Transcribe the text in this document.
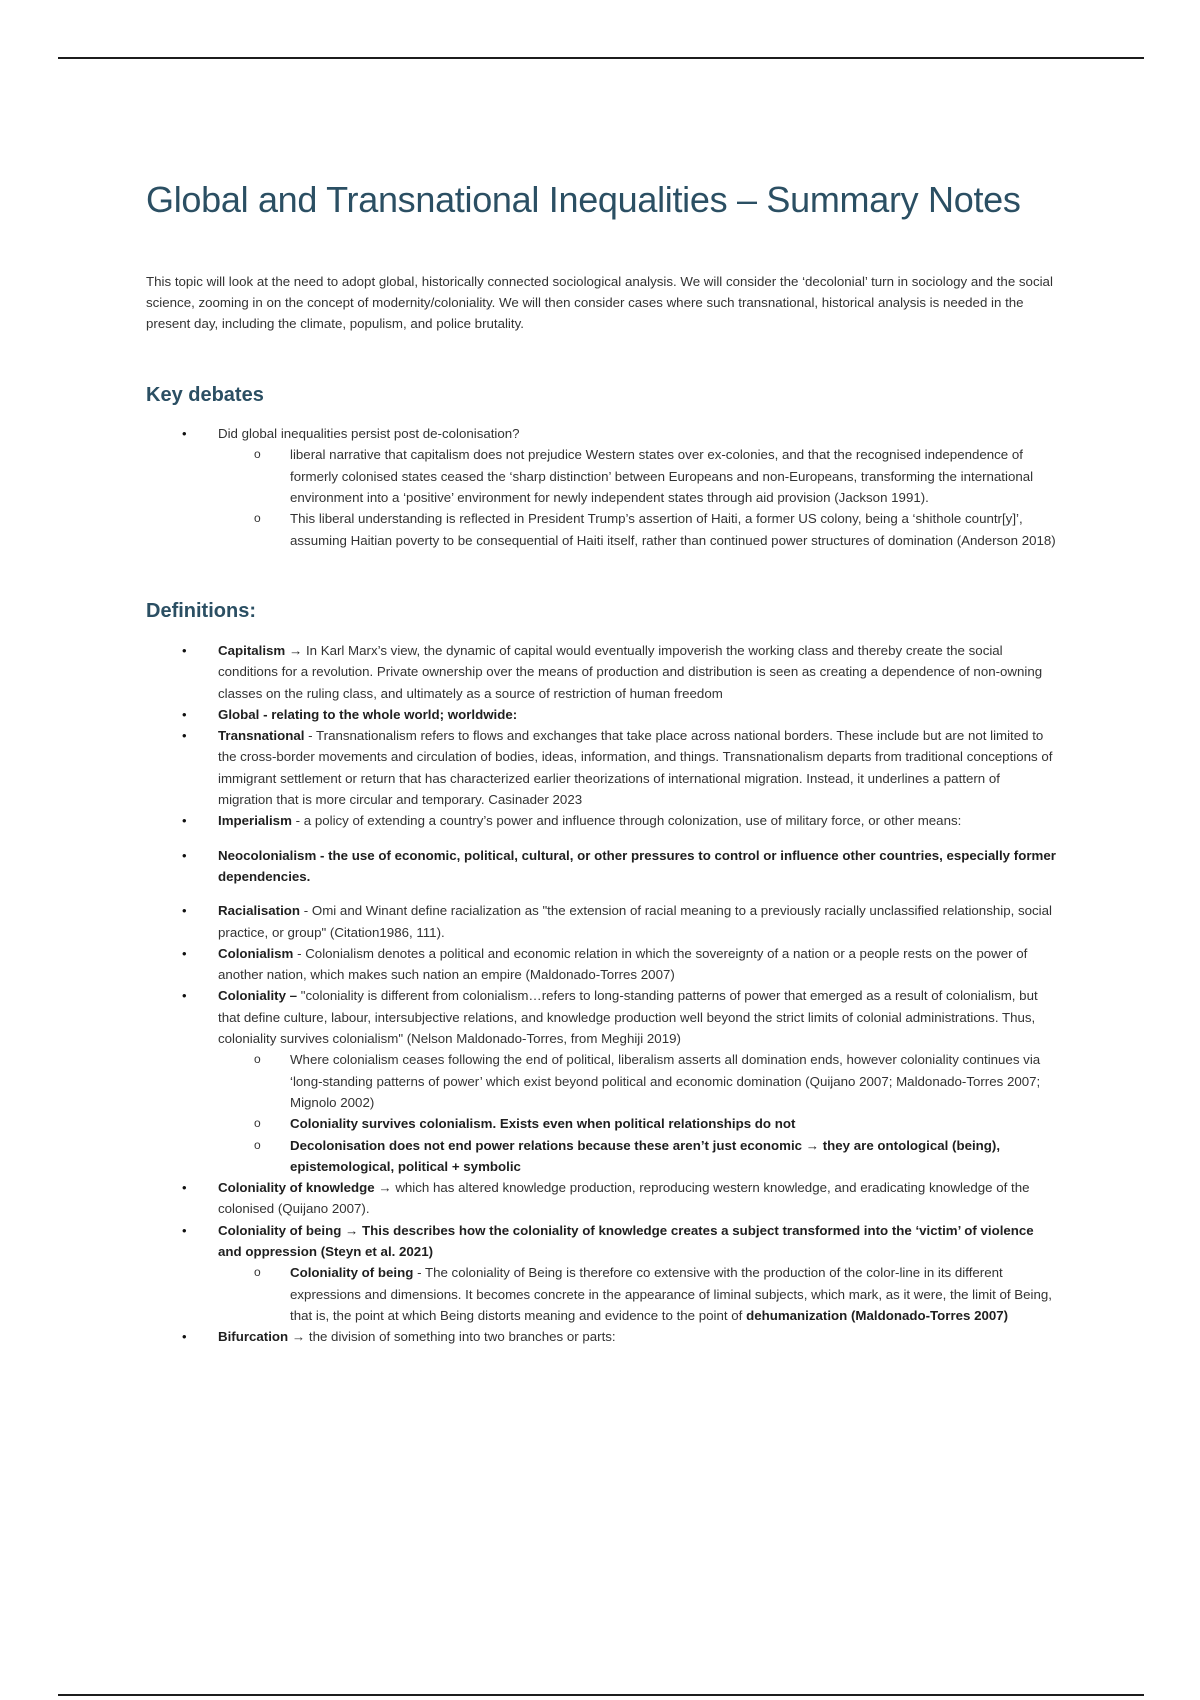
Global and Transnational Inequalities – Summary Notes

This topic will look at the need to adopt global, historically connected sociological analysis. We will consider the ‘decolonial’ turn in sociology and the social science, zooming in on the concept of modernity/coloniality. We will then consider cases where such transnational, historical analysis is needed in the present day, including the climate, populism, and police brutality.

Key debates
• Did global inequalities persist post de-colonisation?
o liberal narrative that capitalism does not prejudice Western states over ex-colonies, and that the recognised independence of formerly colonised states ceased the ‘sharp distinction’ between Europeans and non-Europeans, transforming the international environment into a ‘positive’ environment for newly independent states through aid provision (Jackson 1991).
o This liberal understanding is reflected in President Trump’s assertion of Haiti, a former US colony, being a ‘shithole countr[y]’, assuming Haitian poverty to be consequential of Haiti itself, rather than continued power structures of domination (Anderson 2018)
Definitions:
• Capitalism → In Karl Marx’s view, the dynamic of capital would eventually impoverish the working class and thereby create the social conditions for a revolution. Private ownership over the means of production and distribution is seen as creating a dependence of non-owning classes on the ruling class, and ultimately as a source of restriction of human freedom
• Global - relating to the whole world; worldwide:
• Transnational - Transnationalism refers to flows and exchanges that take place across national borders. These include but are not limited to the cross-border movements and circulation of bodies, ideas, information, and things. Transnationalism departs from traditional conceptions of immigrant settlement or return that has characterized earlier theorizations of international migration. Instead, it underlines a pattern of migration that is more circular and temporary. Casinader 2023
• Imperialism - a policy of extending a country’s power and influence through colonization, use of military force, or other means:
• Neocolonialism - the use of economic, political, cultural, or other pressures to control or influence other countries, especially former dependencies.
• Racialisation - Omi and Winant define racialization as "the extension of racial meaning to a previously racially unclassified relationship, social practice, or group" (Citation1986, 111).
• Colonialism - Colonialism denotes a political and economic relation in which the sovereignty of a nation or a people rests on the power of another nation, which makes such nation an empire (Maldonado-Torres 2007)
• Coloniality – "coloniality is different from colonialism…refers to long-standing patterns of power that emerged as a result of colonialism, but that define culture, labour, intersubjective relations, and knowledge production well beyond the strict limits of colonial administrations. Thus, coloniality survives colonialism" (Nelson Maldonado-Torres, from Meghiji 2019)
o Where colonialism ceases following the end of political, liberalism asserts all domination ends, however coloniality continues via ‘long-standing patterns of power’ which exist beyond political and economic domination (Quijano 2007; Maldonado-Torres 2007; Mignolo 2002)
o Coloniality survives colonialism. Exists even when political relationships do not
o Decolonisation does not end power relations because these aren’t just economic → they are ontological (being), epistemological, political + symbolic
• Coloniality of knowledge → which has altered knowledge production, reproducing western knowledge, and eradicating knowledge of the colonised (Quijano 2007).
• Coloniality of being → This describes how the coloniality of knowledge creates a subject transformed into the ‘victim’ of violence and oppression (Steyn et al. 2021)
o Coloniality of being - The coloniality of Being is therefore co extensive with the production of the color-line in its different expressions and dimensions. It becomes concrete in the appearance of liminal subjects, which mark, as it were, the limit of Being, that is, the point at which Being distorts meaning and evidence to the point of dehumanization (Maldonado-Torres 2007)
• Bifurcation → the division of something into two branches or parts:
